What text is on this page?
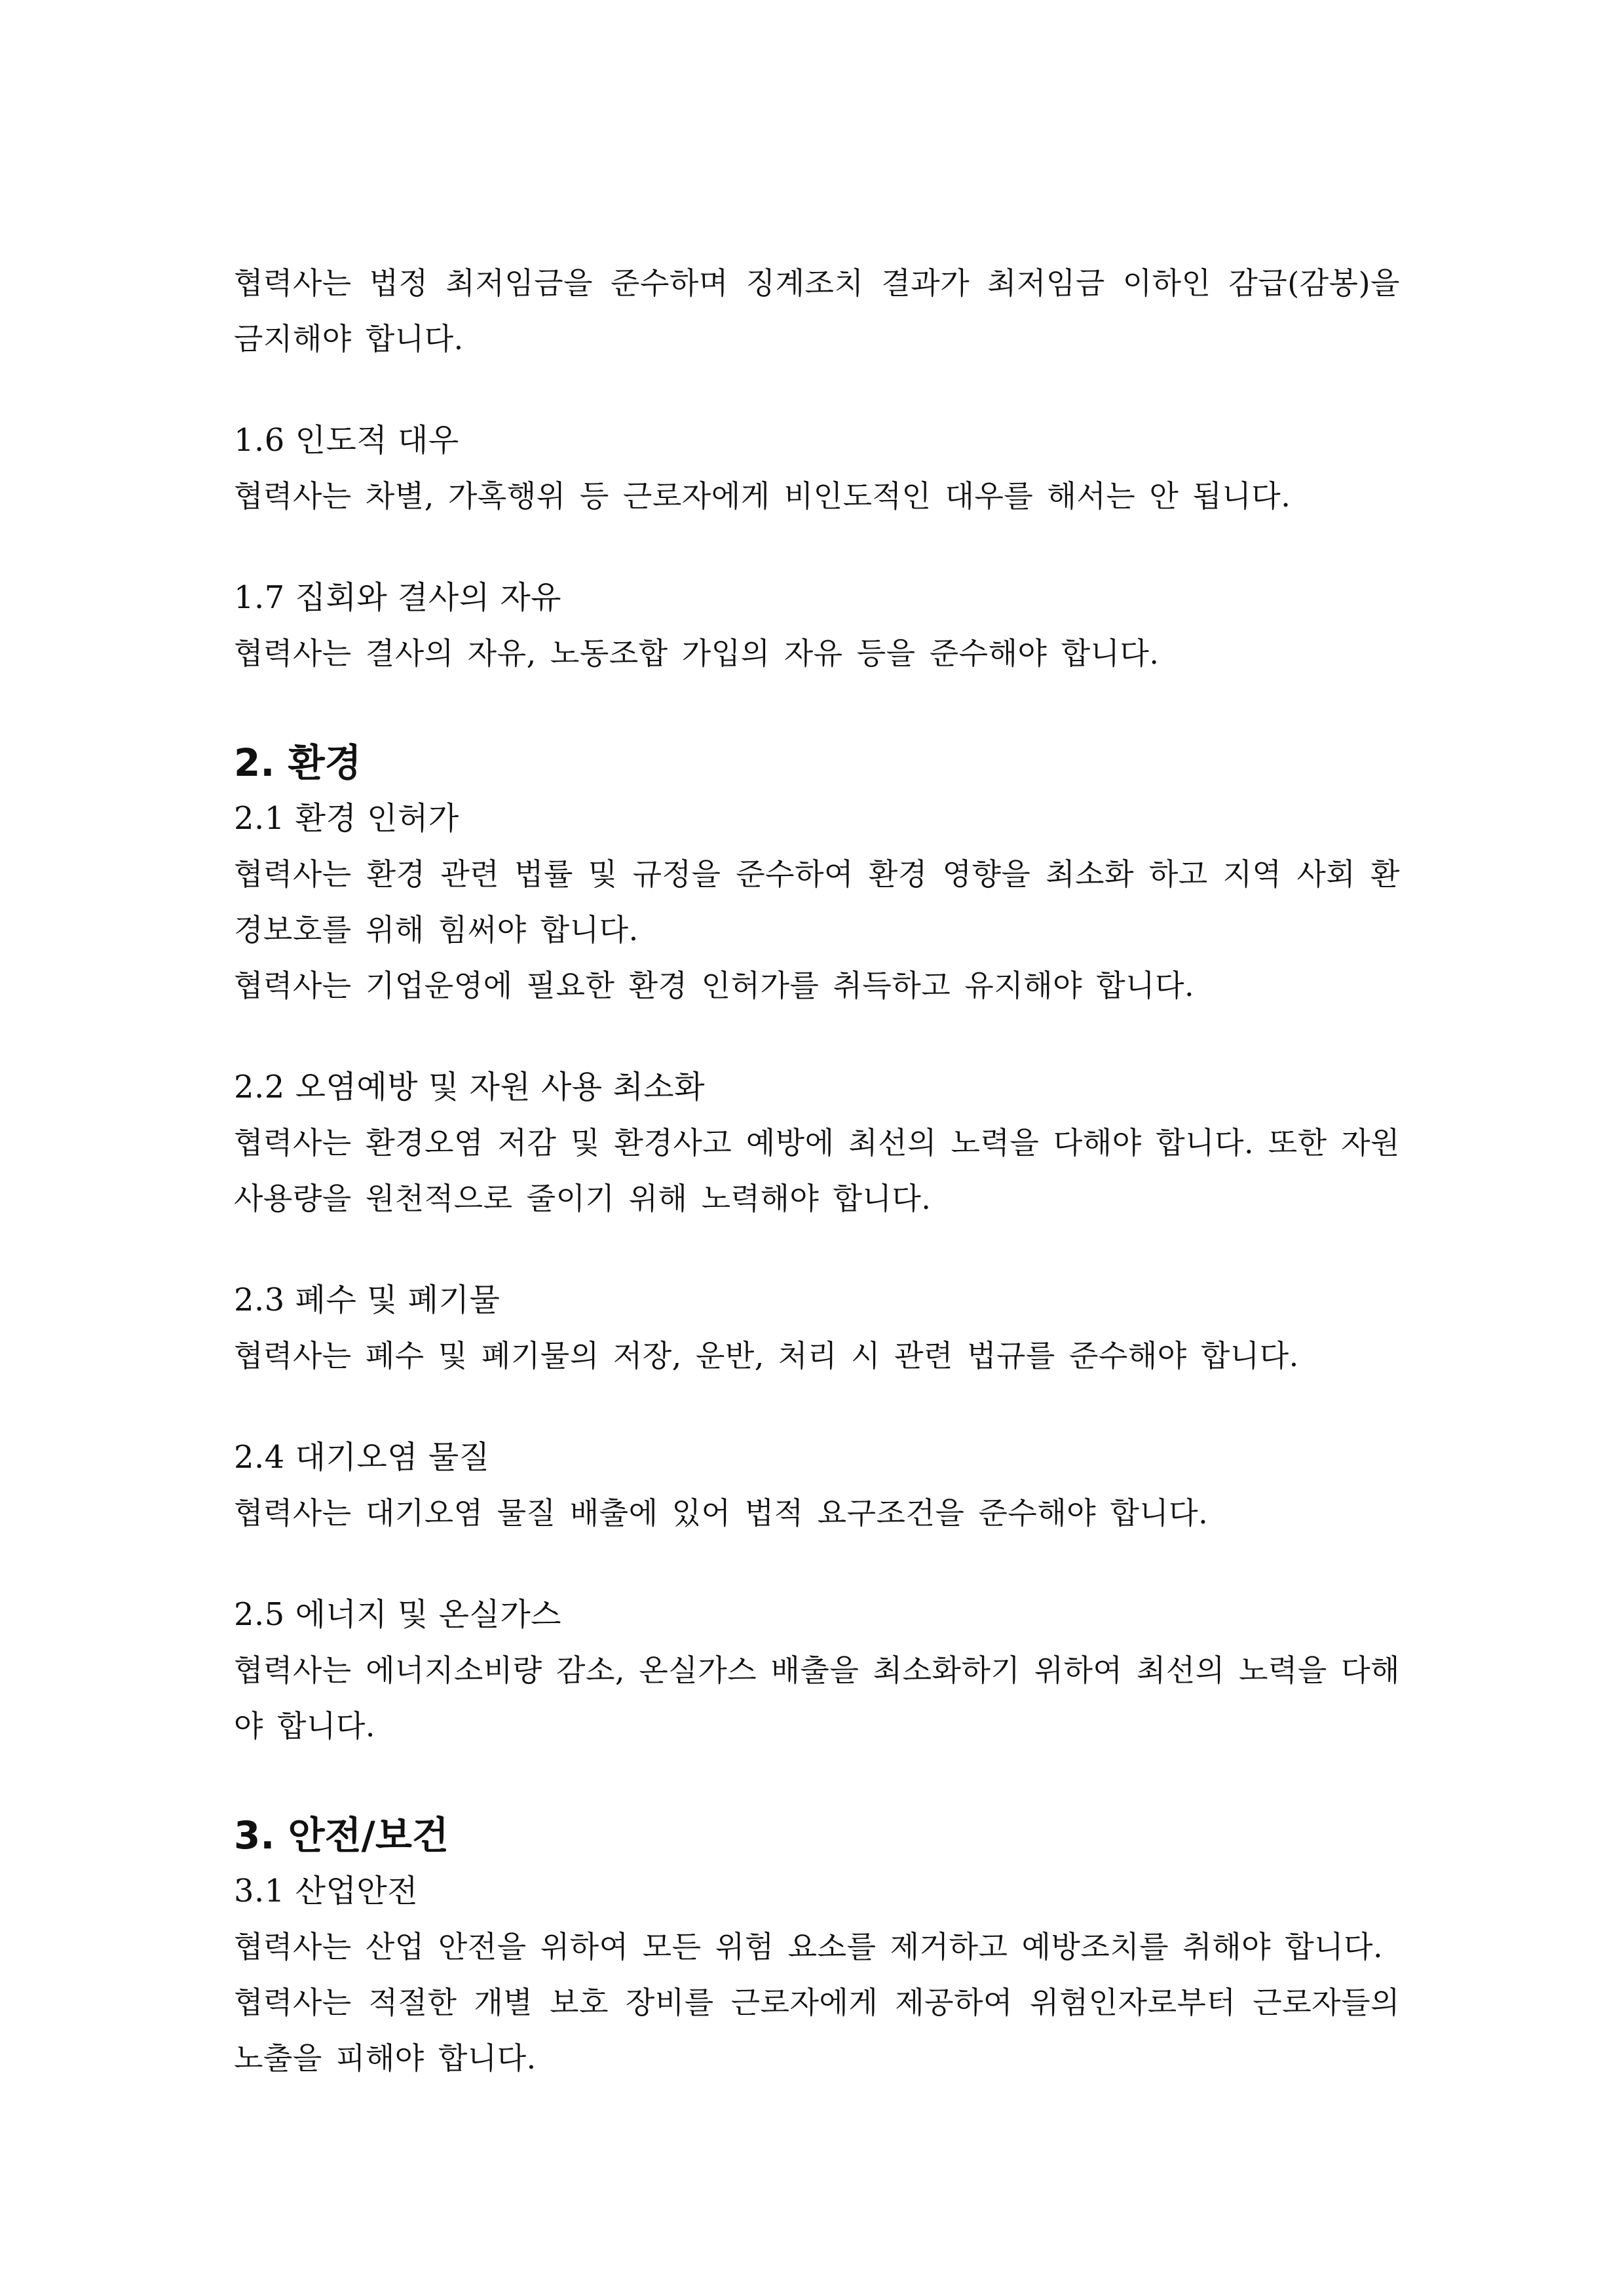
협력사는 법정 최저임금을 준수하며 징계조치 결과가 최저임금 이하인 감급(감봉)을 금지해야 합니다.

1.6 인도적 대우

협력사는 차별, 가혹행위 등 근로자에게 비인도적인 대우를 해서는 안 됩니다.

1.7 집회와 결사의 자유

협력사는 결사의 자유, 노동조합 가입의 자유 등을 준수해야 합니다.

2. 환경

2.1 환경 인허가

협력사는 환경 관련 법률 및 규정을 준수하여 환경 영향을 최소화 하고 지역 사회 환경보호를 위해 힘써야 합니다.

협력사는 기업운영에 필요한 환경 인허가를 취득하고 유지해야 합니다.

2.2 오염예방 및 자원 사용 최소화

협력사는 환경오염 저감 및 환경사고 예방에 최선의 노력을 다해야 합니다. 또한 자원 사용량을 원천적으로 줄이기 위해 노력해야 합니다.

2.3 폐수 및 폐기물

협력사는 폐수 및 폐기물의 저장, 운반, 처리 시 관련 법규를 준수해야 합니다.

2.4 대기오염 물질

협력사는 대기오염 물질 배출에 있어 법적 요구조건을 준수해야 합니다.

2.5 에너지 및 온실가스

협력사는 에너지소비량 감소, 온실가스 배출을 최소화하기 위하여 최선의 노력을 다해야 합니다.

3. 안전/보건

3.1 산업안전

협력사는 산업 안전을 위하여 모든 위험 요소를 제거하고 예방조치를 취해야 합니다.

협력사는 적절한 개별 보호 장비를 근로자에게 제공하여 위험인자로부터 근로자들의 노출을 피해야 합니다.
